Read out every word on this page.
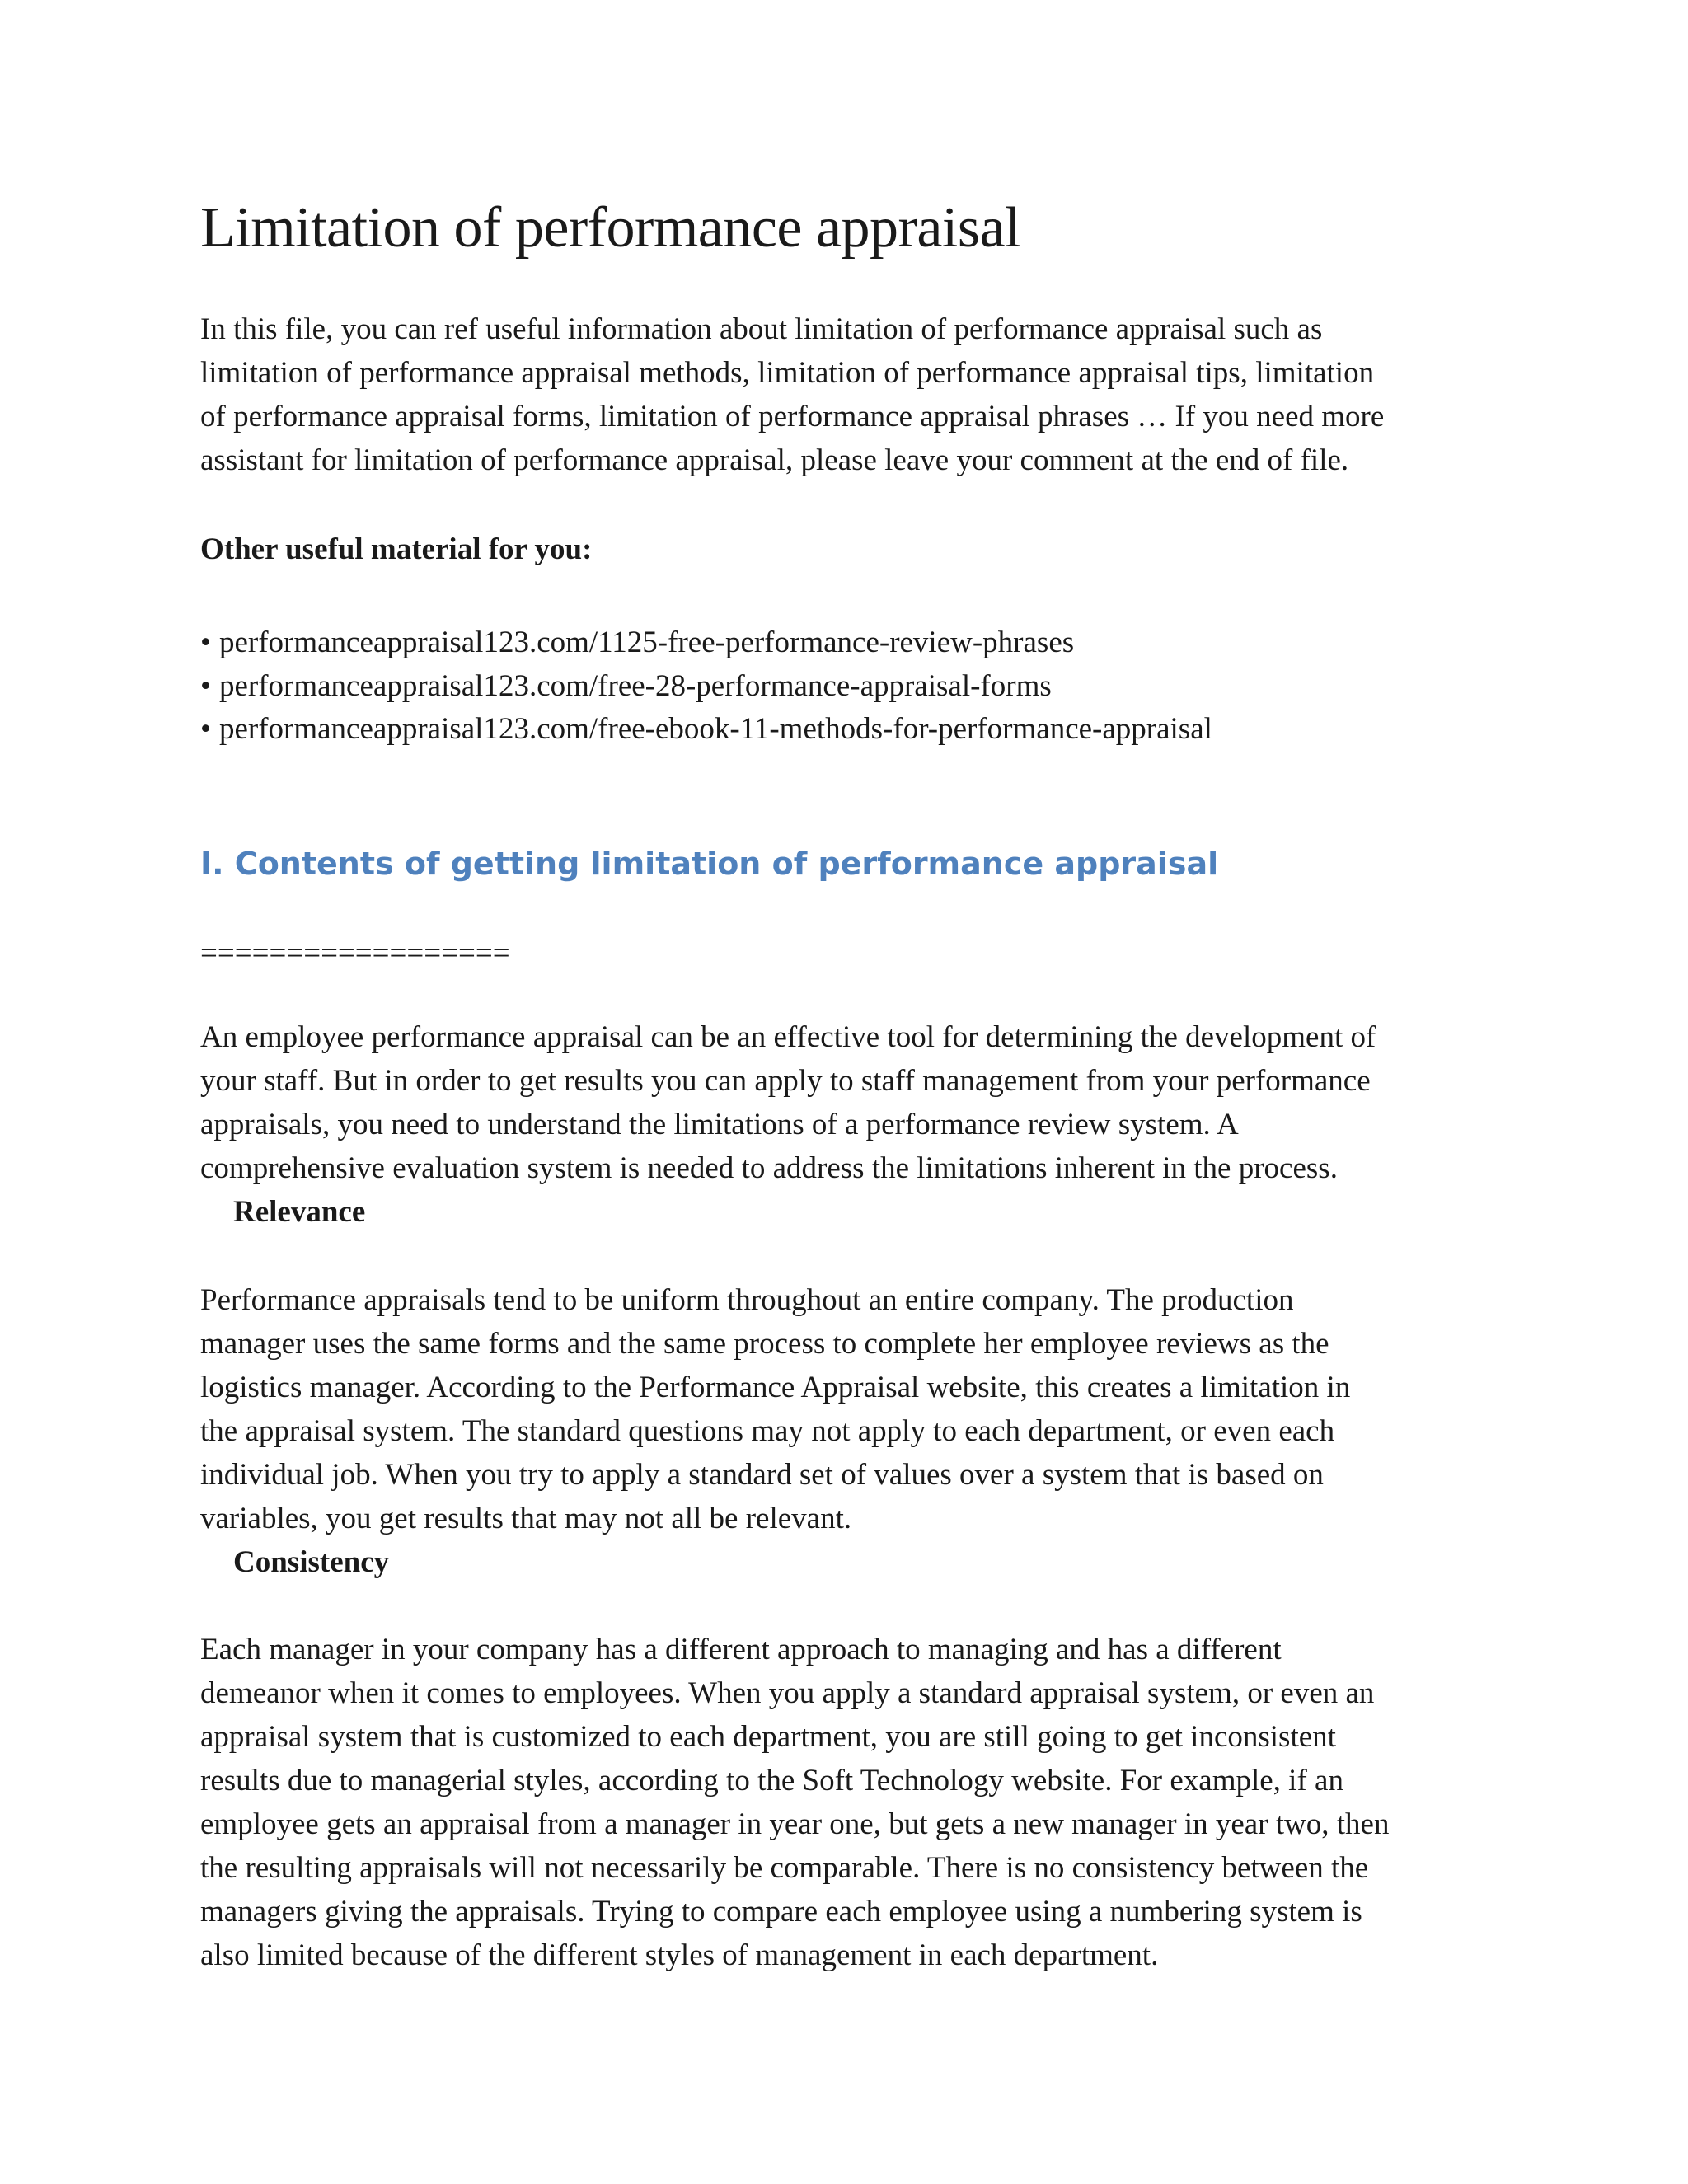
Limitation of performance appraisal

In this file, you can ref useful information about limitation of performance appraisal such as
limitation of performance appraisal methods, limitation of performance appraisal tips, limitation
of performance appraisal forms, limitation of performance appraisal phrases … If you need more
assistant for limitation of performance appraisal, please leave your comment at the end of file.

Other useful material for you:

• performanceappraisal123.com/1125-free-performance-review-phrases
• performanceappraisal123.com/free-28-performance-appraisal-forms
• performanceappraisal123.com/free-ebook-11-methods-for-performance-appraisal
I. Contents of getting limitation of performance appraisal

==================

An employee performance appraisal can be an effective tool for determining the development of
your staff. But in order to get results you can apply to staff management from your performance
appraisals, you need to understand the limitations of a performance review system. A
comprehensive evaluation system is needed to address the limitations inherent in the process.

Relevance

Performance appraisals tend to be uniform throughout an entire company. The production
manager uses the same forms and the same process to complete her employee reviews as the
logistics manager. According to the Performance Appraisal website, this creates a limitation in
the appraisal system. The standard questions may not apply to each department, or even each
individual job. When you try to apply a standard set of values over a system that is based on
variables, you get results that may not all be relevant.

Consistency

Each manager in your company has a different approach to managing and has a different
demeanor when it comes to employees. When you apply a standard appraisal system, or even an
appraisal system that is customized to each department, you are still going to get inconsistent
results due to managerial styles, according to the Soft Technology website. For example, if an
employee gets an appraisal from a manager in year one, but gets a new manager in year two, then
the resulting appraisals will not necessarily be comparable. There is no consistency between the
managers giving the appraisals. Trying to compare each employee using a numbering system is
also limited because of the different styles of management in each department.
